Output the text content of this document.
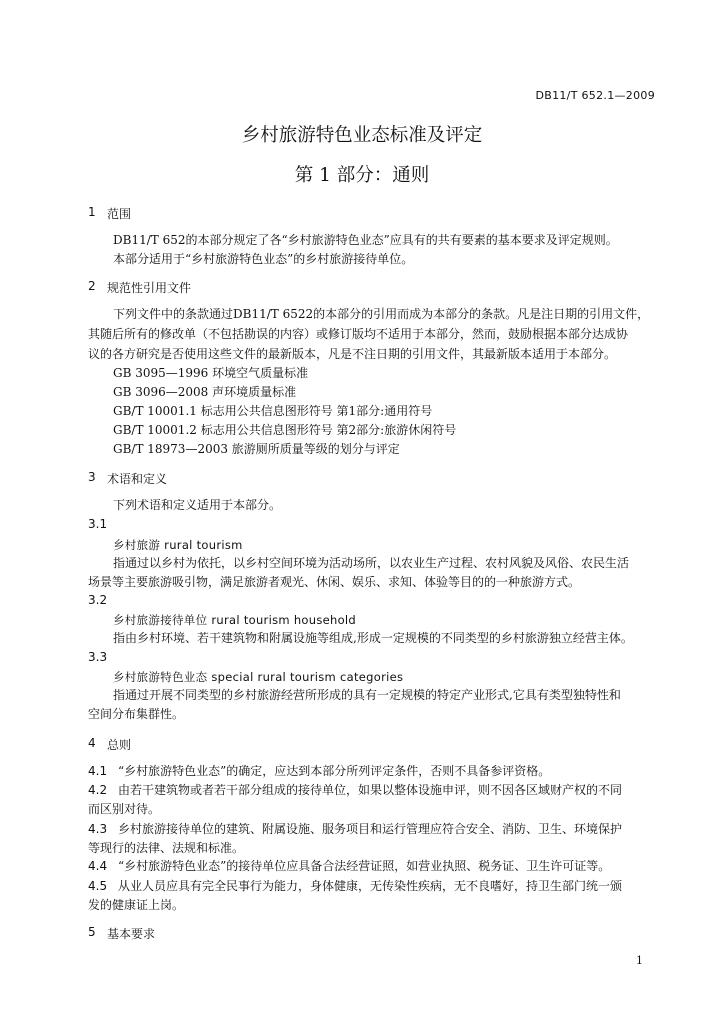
DB11/T 652.1—2009
乡村旅游特色业态标准及评定
第 1 部分：通则
1 范围
DB11/T 652的本部分规定了各“乡村旅游特色业态”应具有的共有要素的基本要求及评定规则。
本部分适用于“乡村旅游特色业态”的乡村旅游接待单位。
2 规范性引用文件
下列文件中的条款通过DB11/T 6522的本部分的引用而成为本部分的条款。凡是注日期的引用文件，
其随后所有的修改单（不包括勘误的内容）或修订版均不适用于本部分，然而，鼓励根据本部分达成协
议的各方研究是否使用这些文件的最新版本，凡是不注日期的引用文件，其最新版本适用于本部分。
GB 3095—1996 环境空气质量标准
GB 3096—2008 声环境质量标准
GB/T 10001.1 标志用公共信息图形符号 第1部分:通用符号
GB/T 10001.2 标志用公共信息图形符号 第2部分:旅游休闲符号
GB/T 18973—2003 旅游厕所质量等级的划分与评定
3 术语和定义
下列术语和定义适用于本部分。
3.1
乡村旅游 rural tourism
指通过以乡村为依托，以乡村空间环境为活动场所，以农业生产过程、农村风貌及风俗、农民生活
场景等主要旅游吸引物，满足旅游者观光、休闲、娱乐、求知、体验等目的的一种旅游方式。
3.2
乡村旅游接待单位 rural tourism household
指由乡村环境、若干建筑物和附属设施等组成,形成一定规模的不同类型的乡村旅游独立经营主体。
3.3
乡村旅游特色业态 special rural tourism categories
指通过开展不同类型的乡村旅游经营所形成的具有一定规模的特定产业形式,它具有类型独特性和
空间分布集群性。
4 总则
4.1 “乡村旅游特色业态”的确定，应达到本部分所列评定条件，否则不具备参评资格。
4.2 由若干建筑物或者若干部分组成的接待单位，如果以整体设施申评，则不因各区域财产权的不同
而区别对待。
4.3 乡村旅游接待单位的建筑、附属设施、服务项目和运行管理应符合安全、消防、卫生、环境保护
等现行的法律、法规和标准。
4.4 “乡村旅游特色业态”的接待单位应具备合法经营证照，如营业执照、税务证、卫生许可证等。
4.5 从业人员应具有完全民事行为能力，身体健康，无传染性疾病，无不良嗜好，持卫生部门统一颁
发的健康证上岗。
5 基本要求
1
